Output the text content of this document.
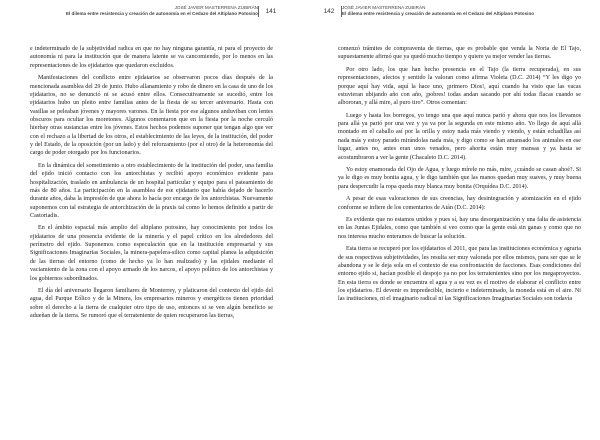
JOSÉ JAVIER MASTERRENA ZUBIRÁN
El dilema entre resistencia y creación de autonomía en el Cedazo del Altiplano Potosino	141

e indeterminado de la subjetividad radica en que no hay ninguna garantía, ni para el proyecto de autonomía ni para la institución que de manera latente se va cancomiendo, por lo menos en las representaciones de los ejidatarios que quedaron excluidos.

Manifestaciones del conflicto entre ejidatarios se observaron pocos días después de la mencionada asamblea del 29 de junio. Hubo allanamiento y robo de dinero en la casa de uno de los ejidatarios, no se denunció ni se acusó entre ellos. Consecutivamente se sucedió, entre los ejidatarios hubo un pleito entre familias antes de la fiesta de su tercer aniversario. Hasta con vasillas se peleaban jóvenes y mayores varones. En la fiesta por ese algunos anduviban con lentes obscuros para ocultar los moretones. Algunos comentaron que en la fiesta por la noche cerculó hierbay otras sustancias entre los jóvenes. Estos hechos podemos suponer que tengan algo que ver con el rechazo a la libertad de los otros, el establecimiento de las leyes, de la institución, del poder y del Estado, de la oposición (por un lado) y del reforzamiento (por el otro) de la heteronomía del cargo de poder otorgado por los funcionarios.

En la dinámica del sometimiento a otro establecimiento de la institución del poder, una familia del ejido inició contacto con los antorchistas y recibió apoyo económico evidente para hospitalización, traslado en ambulancia de un hospital particular y equipo para el pateamiento de más de 80 años. La participación en la asamblea de ese ejidatario que había dejado de hacerlo durante años, daba la impresión de que ahora lo hacía por encargo de los antorchistas. Nuevamente suponemos con tal estrategia de antorchización de la praxis tal como lo hemos definido a partir de Castoriadis.

En el ámbito espacial más amplio del altiplano potosino, hay conocimiento por todos los ejidatarios de una presencia evidente de la minería y el papel crítico en los alrededores del perímetro del ejido. Suponemos como especulación que en la institución empresarial y sus Significaciones Imaginarias Sociales, la minera-papelera-silico como capital planea la adquisición de las tierras del entorno (como de hecho ya lo han realizado) y las ejidales mediante el vaciamiento de la zona con el apoyo armado de los narcos, el apoyo político de los antorchistas y los gobiernos subordinados.

El día del aniversario llegaron familiares de Monterrey, y platicaron del contexto del ejido del agua, del Parque Eólico y de la Minera, los empresarios mineros y energéticos tienen prioridad sobre el derecho a la tierra de cualquier otro tipo de uso, entonces si se ven algún beneficio se adueñan de la tierra. Se rumoró que el terrateniente de quien recuperaron las tierras,

142
JOSÉ JAVIER MASTERRENA ZUBIRÁN
El dilema entre resistencia y creación de autonomía en el Cedazo del Altiplano Potosino

comenzó trámites de compraventa de tierras, que es probable que venda la Noria de El Tajo, supuestamente afirmó que ya quedó mucho tiempo y quiere ya mejor vender las tierras.

Por otro lado, los que han hecho presencia en el Tajo (la tierra recuperada), en sus representaciones, afectos y sentido la valoran como afirma Violeta (D.C. 2014) “Y les digo yo porque aquí hay vida, aquí la hace uno, ¡primero Dios!, aquí cuando ha visto que las vacas estuvieran ubijando año con año, ¡pobres! todas andan sacando por ahí todas flacas cuando se albororan, y allá mire, al puro tiro”. Otros comentan:

Luego y hasta los borregos, yo tengo una que aquí nunca parió y ahora que nos los llevamos para allá ya parió por una vez y ya va por la segunda en este mismo año. Yo llego de aquí allá montado en el caballo así por la orilla y estoy nada más viendo y viendo, y están echadillas así nada más y estoy parado mirándolas nada más, y digo como se han amansado los animales en ese lugar, antes no, antes eran unos venados, pero ahorita están muy mansas y ya hasta se acostumbraron a ver la gente (Chacaleto D.C. 2014).

Yo estoy enamorada del Ojo de Agua, y luego mírele no más, mire, ¿cuándo se casan ahoé?. Si ya le digo es muy bonita agua, y le digo también que las manos quedan muy suaves, y muy buena para despercudir la ropa queda muy blanca muy bonita (Orquídea D.C. 2014).

A pesar de esas valoraciones de sus creencias, hay desintegración y atomización en el ejido conforme se infiere de los comentarios de Atán (D.C. 2014):

Es evidente que no estamos unidos y pues sí, hay una desorganización y una falta de asistencia en las Juntas Ejidales, como que también si veo como que la gente está sin ganas y como que no nos interesa mucho enteramos de buscar la solución.

Esta tierra se recuperó por los ejidatarios el 2011, que para las instituciones económica y agraria de sus respectivas subjetividades, les resulta ser muy valorada por ellos mismos, para ser que se le abandona y se le deja sola en el contexto de esa confrontación de facciones. Esas condiciones del entorno ejido si, hacían posible el despojo ya no por los terratenientes sino por los megaproyectos. En esta tierra es donde se encuentra el agua y a su vez es el motivo de elaborar el conflicto entre los ejidatarios. El devenir es impredecible, incierto e indeterminado, la moneda está en el aire. Ni las instituciones, ni el imaginario radical ni las Significaciones Imaginarias Sociales son todavía
